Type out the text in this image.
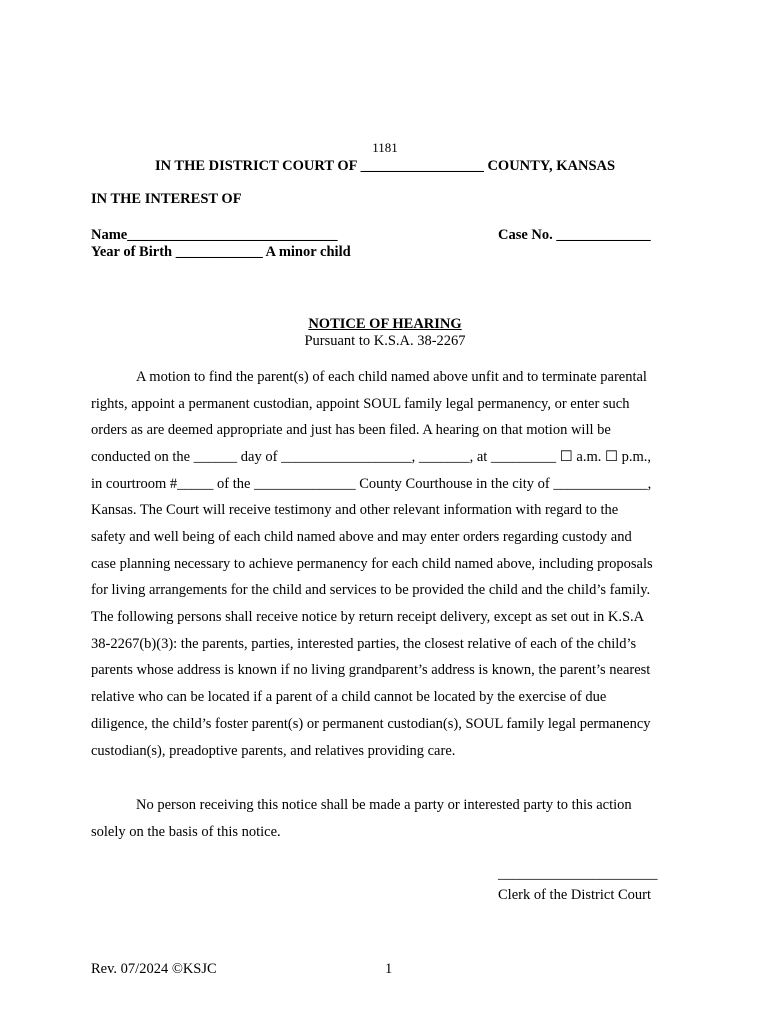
1181
IN THE DISTRICT COURT OF _________________ COUNTY, KANSAS
IN THE INTEREST OF
Name_____________________________
Year of Birth ____________ A minor child
Case No. _____________
NOTICE OF HEARING
Pursuant to K.S.A. 38-2267
A motion to find the parent(s) of each child named above unfit and to terminate parental
rights, appoint a permanent custodian, appoint SOUL family legal permanency, or enter such
orders as are deemed appropriate and just has been filed. A hearing on that motion will be
conducted on the ______ day of __________________, _______, at _________ ☐ a.m. ☐ p.m.,
in courtroom #_____ of the ______________ County Courthouse in the city of _____________,
Kansas. The Court will receive testimony and other relevant information with regard to the
safety and well being of each child named above and may enter orders regarding custody and
case planning necessary to achieve permanency for each child named above, including proposals
for living arrangements for the child and services to be provided the child and the child’s family.
The following persons shall receive notice by return receipt delivery, except as set out in K.S.A
38-2267(b)(3): the parents, parties, interested parties, the closest relative of each of the child’s
parents whose address is known if no living grandparent’s address is known, the parent’s nearest
relative who can be located if a parent of a child cannot be located by the exercise of due
diligence, the child’s foster parent(s) or permanent custodian(s), SOUL family legal permanency
custodian(s), preadoptive parents, and relatives providing care.
No person receiving this notice shall be made a party or interested party to this action
solely on the basis of this notice.
______________________
Clerk of the District Court
Rev. 07/2024 ©KSJC	1
